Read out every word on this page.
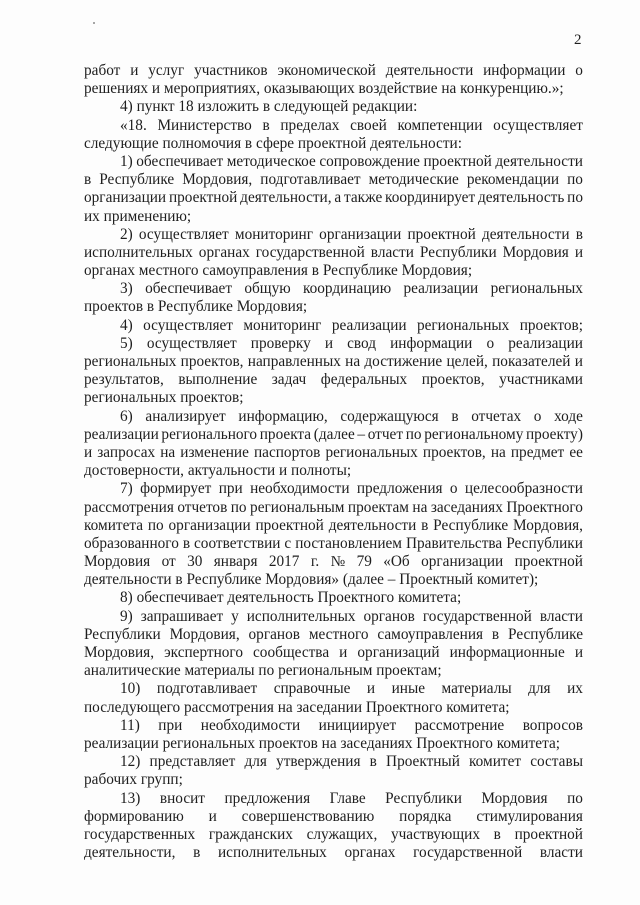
2
работ и услуг участников экономической деятельности информации о
решениях и мероприятиях, оказывающих воздействие на конкуренцию.»;
4) пункт 18 изложить в следующей редакции:
«18. Министерство в пределах своей компетенции осуществляет
следующие полномочия в сфере проектной деятельности:
1) обеспечивает методическое сопровождение проектной деятельности
в Республике Мордовия, подготавливает методические рекомендации по
организации проектной деятельности, а также координирует деятельность по
их применению;
2) осуществляет мониторинг организации проектной деятельности в
исполнительных органах государственной власти Республики Мордовия и
органах местного самоуправления в Республике Мордовия;
3) обеспечивает общую координацию реализации региональных
проектов в Республике Мордовия;
4) осуществляет мониторинг реализации региональных проектов;
5) осуществляет проверку и свод информации о реализации
региональных проектов, направленных на достижение целей, показателей и
результатов, выполнение задач федеральных проектов, участниками
региональных проектов;
6) анализирует информацию, содержащуюся в отчетах о ходе
реализации регионального проекта (далее – отчет по региональному проекту)
и запросах на изменение паспортов региональных проектов, на предмет ее
достоверности, актуальности и полноты;
7) формирует при необходимости предложения о целесообразности
рассмотрения отчетов по региональным проектам на заседаниях Проектного
комитета по организации проектной деятельности в Республике Мордовия,
образованного в соответствии с постановлением Правительства Республики
Мордовия от 30 января 2017 г. № 79 «Об организации проектной
деятельности в Республике Мордовия» (далее – Проектный комитет);
8) обеспечивает деятельность Проектного комитета;
9) запрашивает у исполнительных органов государственной власти
Республики Мордовия, органов местного самоуправления в Республике
Мордовия, экспертного сообщества и организаций информационные и
аналитические материалы по региональным проектам;
10) подготавливает справочные и иные материалы для их
последующего рассмотрения на заседании Проектного комитета;
11) при необходимости инициирует рассмотрение вопросов
реализации региональных проектов на заседаниях Проектного комитета;
12) представляет для утверждения в Проектный комитет составы
рабочих групп;
13) вносит предложения Главе Республики Мордовия по
формированию и совершенствованию порядка стимулирования
государственных гражданских служащих, участвующих в проектной
деятельности, в исполнительных органах государственной власти
